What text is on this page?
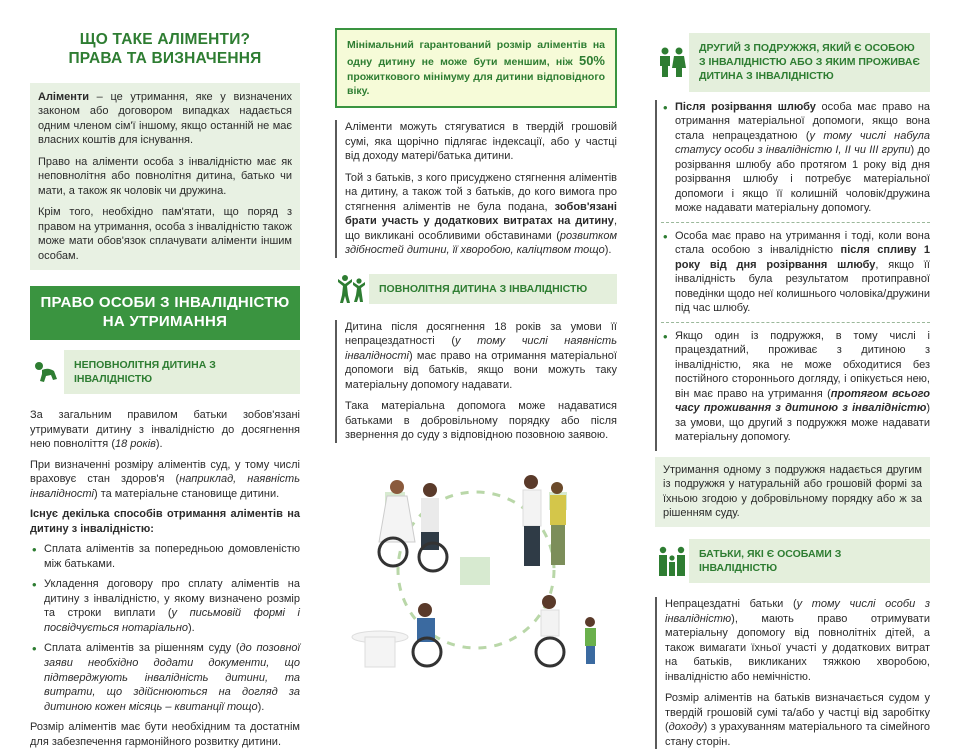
ЩО ТАКЕ АЛІМЕНТИ?
ПРАВА ТА ВИЗНАЧЕННЯ

Аліменти – це утримання, яке у визначених законом або договором випадках надається одним членом сім'ї іншому, якщо останній не має власних коштів для існування.

Право на аліменти особа з інвалідністю має як неповнолітня або повнолітня дитина, батько чи мати, а також як чоловік чи дружина.

Крім того, необхідно пам'ятати, що поряд з правом на утримання, особа з інвалідністю також може мати обов'язок сплачувати аліменти іншим особам.

ПРАВО ОСОБИ З ІНВАЛІДНІСТЮ
НА УТРИМАННЯ
НЕПОВНОЛІТНЯ ДИТИНА З ІНВАЛІДНІСТЮ

За загальним правилом батьки зобов'язані утримувати дитину з інвалідністю до досягнення нею повноліття (18 років).

При визначенні розміру аліментів суд, у тому числі враховує стан здоров'я (наприклад, наявність інвалідності) та матеріальне становище дитини.

Існує декілька способів отримання аліментів на дитину з інвалідністю:

• Сплата аліментів за попередньою домовленістю між батьками.
• Укладення договору про сплату аліментів на дитину з інвалідністю, у якому визначено розмір та строки виплати (у письмовій формі і посвідчується нотаріально).
• Сплата аліментів за рішенням суду (до позовної заяви необхідно додати документи, що підтверджують інвалідність дитини, та витрати, що здійснюються на догляд за дитиною кожен місяць – квитанції тощо).

Розмір аліментів має бути необхідним та достатнім для забезпечення гармонійного розвитку дитини.

Мінімальний гарантований розмір аліментів на одну дитину не може бути меншим, ніж 50% прожиткового мінімуму для дитини відповідного віку.

Аліменти можуть стягуватися в твердій грошовій сумі, яка щорічно підлягає індексації, або у частці від доходу матері/батька дитини.

Той з батьків, з кого присуджено стягнення аліментів на дитину, а також той з батьків, до кого вимога про стягнення аліментів не була подана, зобов'язані брати участь у додаткових витратах на дитину, що викликані особливими обставинами (розвитком здібностей дитини, її хворобою, каліцтвом тощо).

ПОВНОЛІТНЯ ДИТИНА З ІНВАЛІДНІСТЮ

Дитина після досягнення 18 років за умови її непрацездатності (у тому числі наявність інвалідності) має право на отримання матеріальної допомоги від батьків, якщо вони можуть таку матеріальну допомогу надавати.

Така матеріальна допомога може надаватися батьками в добровільному порядку або після звернення до суду з відповідною позовною заявою.

ДРУГИЙ З ПОДРУЖЖЯ, ЯКИЙ Є ОСОБОЮ З ІНВАЛІДНІСТЮ АБО З ЯКИМ ПРОЖИВАЄ ДИТИНА З ІНВАЛІДНІСТЮ
• Після розірвання шлюбу особа має право на отримання матеріальної допомоги, якщо вона стала непрацездатною (у тому числі набула статусу особи з інвалідністю I, II чи III групи) до розірвання шлюбу або протягом 1 року від дня розірвання шлюбу і потребує матеріальної допомоги і якщо її колишній чоловік/дружина може надавати матеріальну допомогу.
• Особа має право на утримання і тоді, коли вона стала особою з інвалідністю після спливу 1 року від дня розірвання шлюбу, якщо її інвалідність була результатом протиправної поведінки щодо неї колишнього чоловіка/дружини під час шлюбу.
• Якщо один із подружжя, в тому числі і працездатний, проживає з дитиною з інвалідністю, яка не може обходитися без постійного стороннього догляду, і опікується нею, він має право на утримання (протягом всього часу проживання з дитиною з інвалідністю) за умови, що другий з подружжя може надавати матеріальну допомогу.
Утримання одному з подружжя надається другим із подружжя у натуральній або грошовій формі за їхньою згодою у добровільному порядку або ж за рішенням суду.
БАТЬКИ, ЯКІ Є ОСОБАМИ З ІНВАЛІДНІСТЮ

Непрацездатні батьки (у тому числі особи з інвалідністю), мають право отримувати матеріальну допомогу від повнолітніх дітей, а також вимагати їхньої участі у додаткових витрат на батьків, викликаних тяжкою хворобою, інвалідністю або немічністю.

Розмір аліментів на батьків визначається судом у твердій грошовій сумі та/або у частці від заробітку (доходу) з урахуванням матеріального та сімейного стану сторін.
